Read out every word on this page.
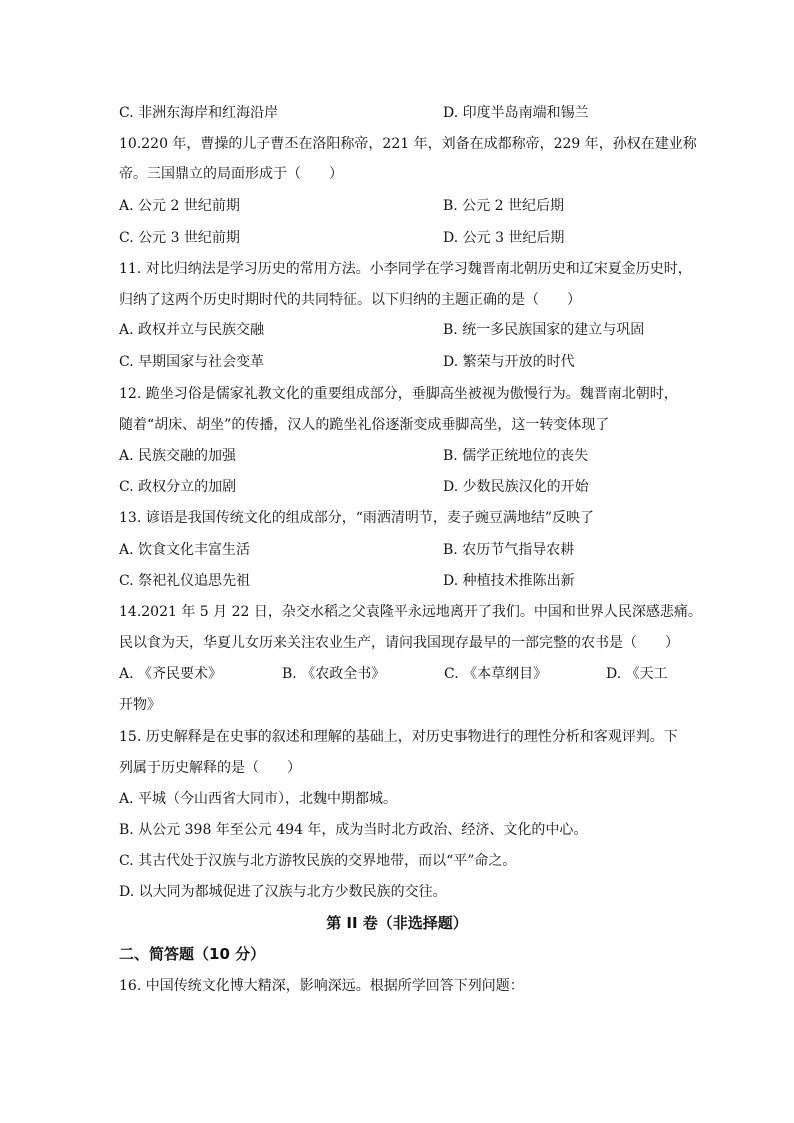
C. 非洲东海岸和红海沿岸	D. 印度半岛南端和锡兰
10.220 年，曹操的儿子曹丕在洛阳称帝，221 年，刘备在成都称帝，229 年，孙权在建业称
帝。三国鼎立的局面形成于（　　）
A. 公元 2 世纪前期	B. 公元 2 世纪后期
C. 公元 3 世纪前期	D. 公元 3 世纪后期
11. 对比归纳法是学习历史的常用方法。小李同学在学习魏晋南北朝历史和辽宋夏金历史时，
归纳了这两个历史时期时代的共同特征。以下归纳的主题正确的是（　　）
A. 政权并立与民族交融	B. 统一多民族国家的建立与巩固
C. 早期国家与社会变革	D. 繁荣与开放的时代
12. 跪坐习俗是儒家礼教文化的重要组成部分，垂脚高坐被视为傲慢行为。魏晋南北朝时，
随着“胡床、胡坐”的传播，汉人的跪坐礼俗逐渐变成垂脚高坐，这一转变体现了
A. 民族交融的加强	B. 儒学正统地位的丧失
C. 政权分立的加剧	D. 少数民族汉化的开始
13. 谚语是我国传统文化的组成部分，“雨洒清明节，麦子豌豆满地结”反映了
A. 饮食文化丰富生活	B. 农历节气指导农耕
C. 祭祀礼仪追思先祖	D. 种植技术推陈出新
14.2021 年 5 月 22 日，杂交水稻之父袁隆平永远地离开了我们。中国和世界人民深感悲痛。
民以食为天，华夏儿女历来关注农业生产，请问我国现存最早的一部完整的农书是（　　）
A. 《齐民要术》	B. 《农政全书》	C. 《本草纲目》	D. 《天工
开物》
15. 历史解释是在史事的叙述和理解的基础上，对历史事物进行的理性分析和客观评判。下
列属于历史解释的是（　　）
A. 平城（今山西省大同市），北魏中期都城。
B. 从公元 398 年至公元 494 年，成为当时北方政治、经济、文化的中心。
C. 其古代处于汉族与北方游牧民族的交界地带，而以“平”命之。
D. 以大同为都城促进了汉族与北方少数民族的交往。
第 II 卷（非选择题）
二、简答题（10 分）
16. 中国传统文化博大精深，影响深远。根据所学回答下列问题：
